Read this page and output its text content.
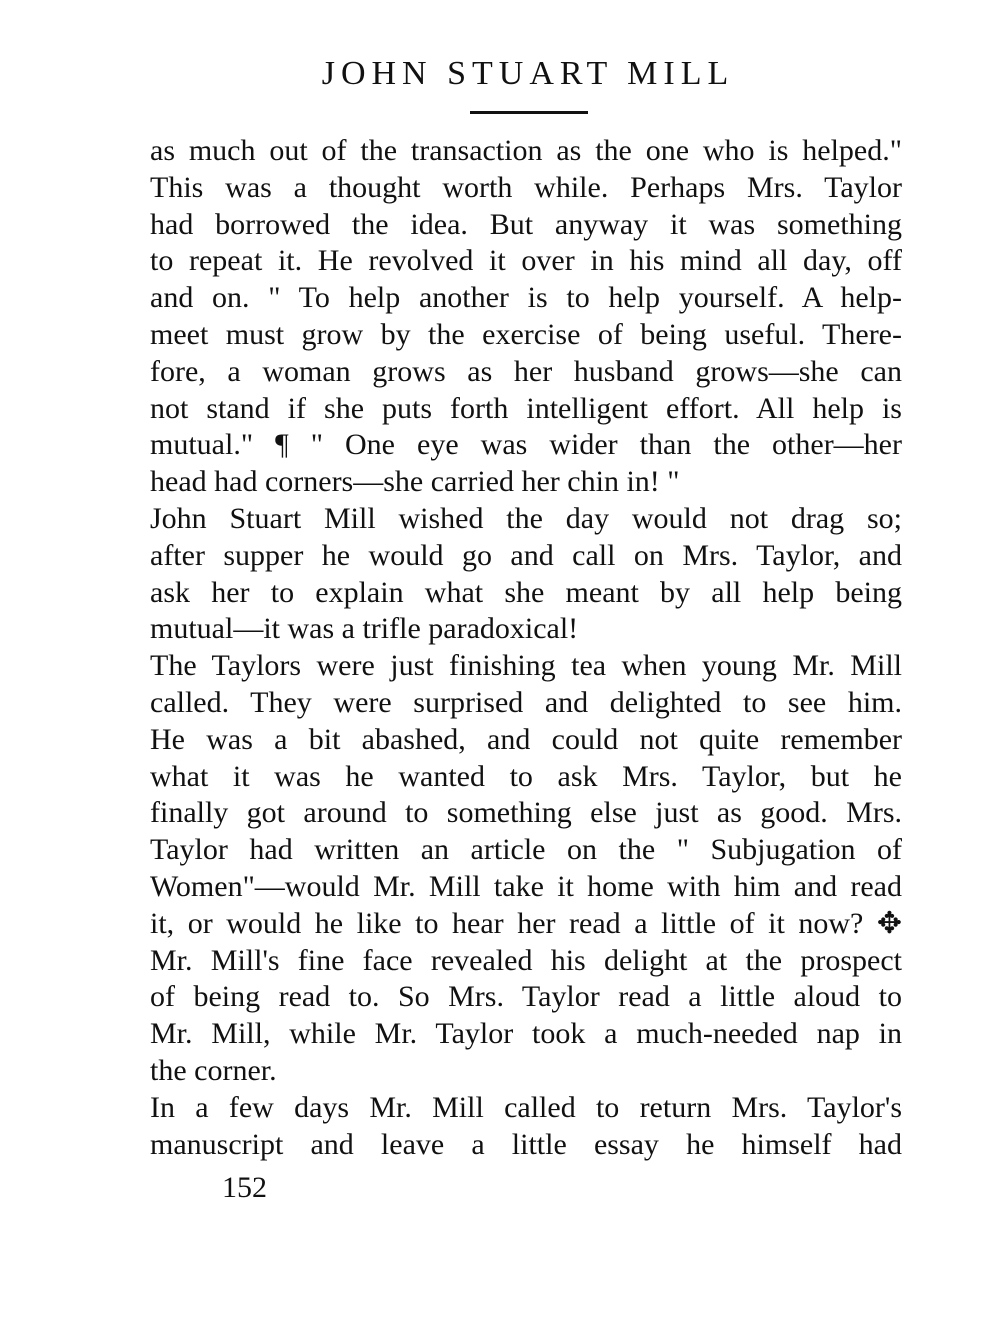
JOHN STUART MILL
as much out of the transaction as the one who is helped."
This was a thought worth while. Perhaps Mrs. Taylor
had borrowed the idea. But anyway it was something
to repeat it. He revolved it over in his mind all day, off
and on. " To help another is to help yourself. A help-
meet must grow by the exercise of being useful. There-
fore, a woman grows as her husband grows—she can
not stand if she puts forth intelligent effort. All help is
mutual." ¶ " One eye was wider than the other—her
head had corners—she carried her chin in! "
John Stuart Mill wished the day would not drag so;
after supper he would go and call on Mrs. Taylor, and
ask her to explain what she meant by all help being
mutual—it was a trifle paradoxical!
The Taylors were just finishing tea when young Mr. Mill
called. They were surprised and delighted to see him.
He was a bit abashed, and could not quite remember
what it was he wanted to ask Mrs. Taylor, but he
finally got around to something else just as good. Mrs.
Taylor had written an article on the " Subjugation of
Women"—would Mr. Mill take it home with him and read
it, or would he like to hear her read a little of it now? ✥
Mr. Mill's fine face revealed his delight at the prospect
of being read to. So Mrs. Taylor read a little aloud to
Mr. Mill, while Mr. Taylor took a much-needed nap in
the corner.
In a few days Mr. Mill called to return Mrs. Taylor's
manuscript and leave a little essay he himself had
152
